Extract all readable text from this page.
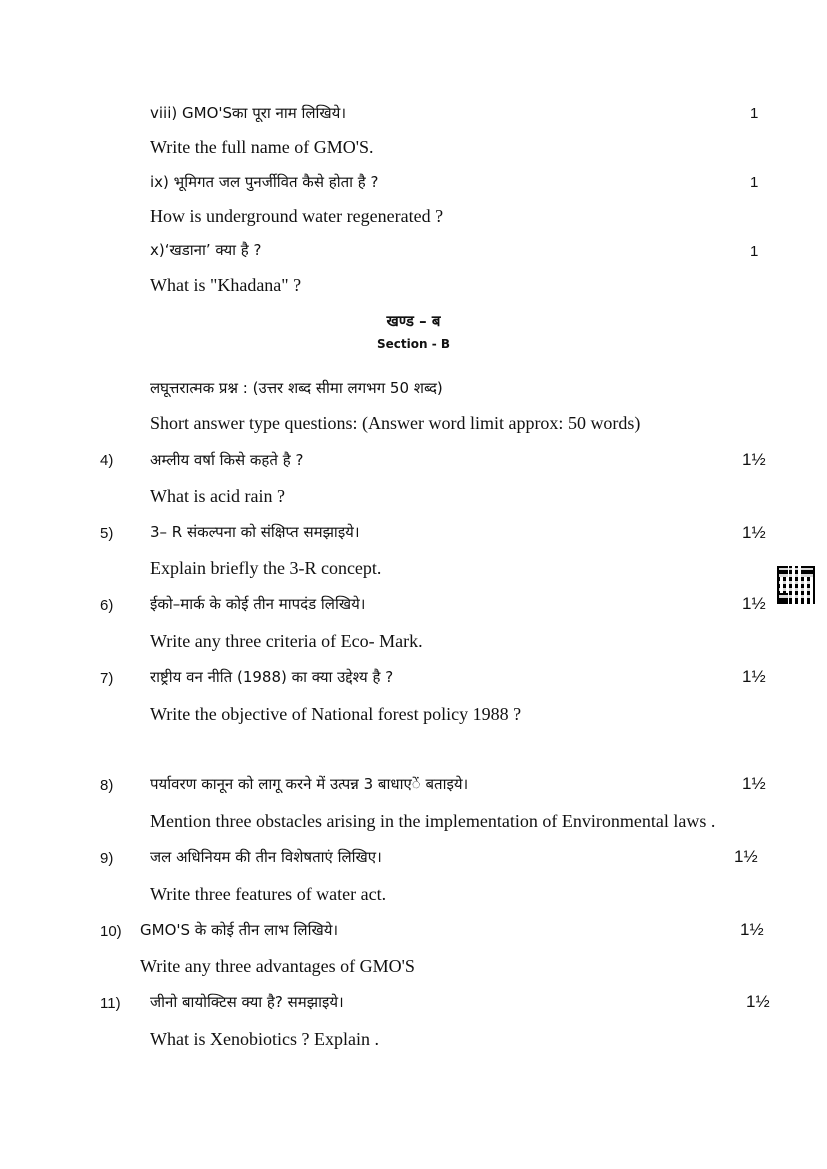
viii) GMO'Sका पूरा नाम लिखिये।	1
Write the full name of GMO'S.
ix) भूमिगत जल पुनर्जीवित कैसे होता है ?	1
How is underground water regenerated ?
x)‘खडाना’ क्या है ?	1
What is "Khadana" ?
खण्ड – ब
Section - B
लघूत्तरात्मक प्रश्न : (उत्तर शब्द सीमा लगभग 50 शब्द)
Short answer type questions: (Answer word limit approx: 50 words)
4) अम्लीय वर्षा किसे कहते है ?	1½
What is acid rain ?
5) 3– R संकल्पना को संक्षिप्त समझाइये।	1½
Explain briefly the 3-R concept.
6) ईको–मार्क के कोई तीन मापदंड लिखिये।	1½
Write any three criteria of Eco- Mark.
7) राष्ट्रीय वन नीति (1988) का क्या उद्देश्य है ?	1½
Write the objective of National forest policy 1988 ?
8) पर्यावरण कानून को लागू करने में उत्पन्न 3 बाधाएें बताइये।	1½
Mention three obstacles arising in the implementation of Environmental laws .
9) जल अधिनियम की तीन विशेषताएं लिखिए।	1½
Write three features of water act.
10) GMO'S के कोई तीन लाभ लिखिये।	1½
Write any three advantages of GMO'S
11) जीनो बायोक्टिस क्या है? समझाइये।	1½
What is Xenobiotics ? Explain .
